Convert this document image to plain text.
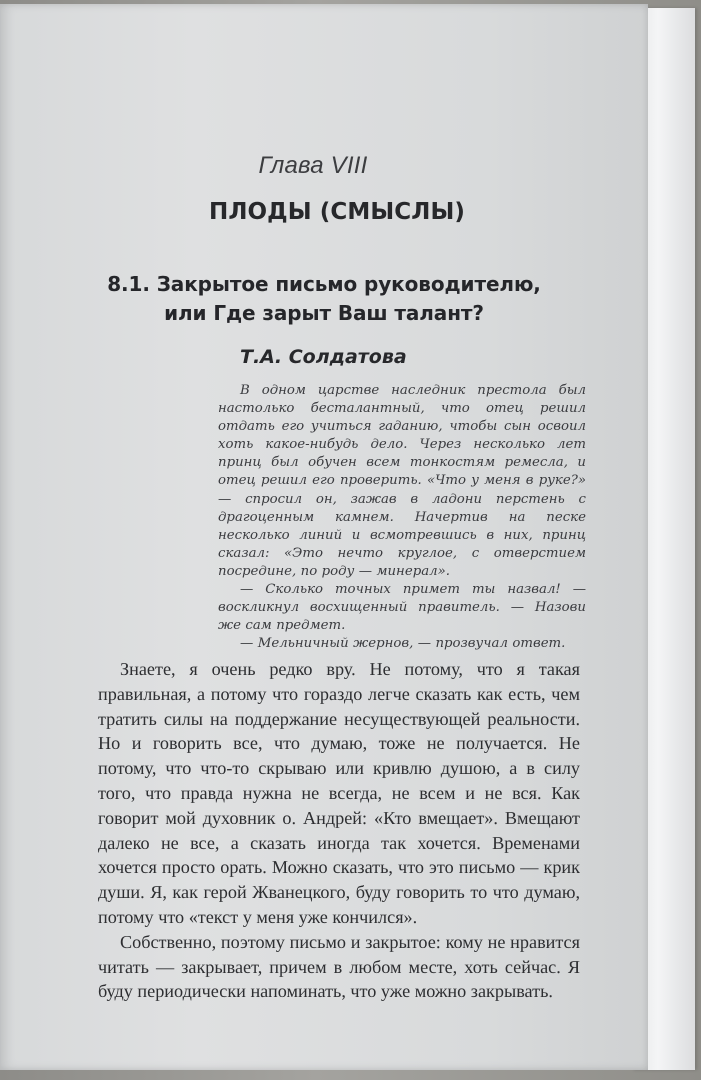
Глава VIII
ПЛОДЫ (СМЫСЛЫ)
8.1. Закрытое письмо руководителю,
или Где зарыт Ваш талант?
Т.А. Солдатова

В одном царстве наследник престола был настолько бесталантный, что отец решил отдать его учиться гаданию, чтобы сын освоил хоть какое-нибудь дело. Через несколько лет принц был обучен всем тонкостям ремесла, и отец решил его проверить. «Что у меня в руке?» — спросил он, зажав в ладони перстень с драгоценным камнем. Начертив на песке несколько линий и всмотревшись в них, принц сказал: «Это нечто круглое, с отверстием посредине, по роду — минерал».

— Сколько точных примет ты назвал! — воскликнул восхищенный правитель. — Назови же сам предмет.

— Мельничный жернов, — прозвучал ответ.

Знаете, я очень редко вру. Не потому, что я такая правильная, а потому что гораздо легче сказать как есть, чем тратить силы на поддержание несуществующей реальности. Но и говорить все, что думаю, тоже не получается. Не потому, что что-то скрываю или кривлю душою, а в силу того, что правда нужна не всегда, не всем и не вся. Как говорит мой духовник о. Андрей: «Кто вмещает». Вмещают далеко не все, а сказать иногда так хочется. Временами хочется просто орать. Можно сказать, что это письмо — крик души. Я, как герой Жванецкого, буду говорить то что думаю, потому что «текст у меня уже кончился».

Собственно, поэтому письмо и закрытое: кому не нравится читать — закрывает, причем в любом месте, хоть сейчас. Я буду периодически напоминать, что уже можно закрывать.
